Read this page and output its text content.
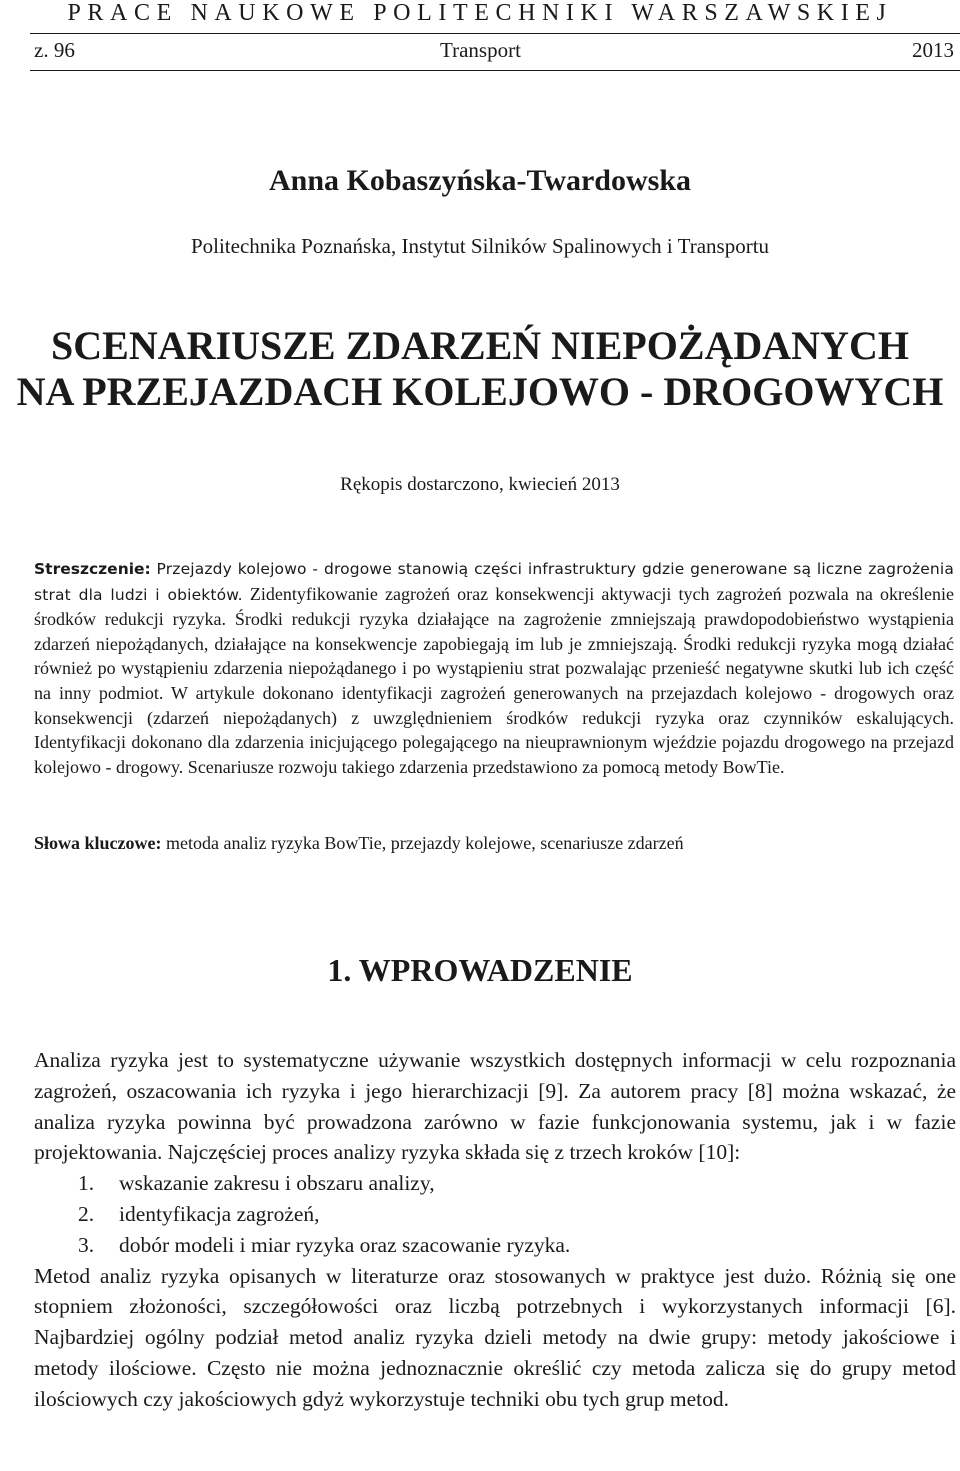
PRACE NAUKOWE POLITECHNIKI WARSZAWSKIEJ
z. 96	Transport	2013
Anna Kobaszyńska-Twardowska
Politechnika Poznańska, Instytut Silników Spalinowych i Transportu
SCENARIUSZE ZDARZEŃ NIEPOŻĄDANYCH
NA PRZEJAZDACH KOLEJOWO - DROGOWYCH
Rękopis dostarczono, kwiecień 2013

Streszczenie: Przejazdy kolejowo - drogowe stanowią części infrastruktury gdzie generowane są liczne zagrożenia strat dla ludzi i obiektów. Zidentyfikowanie zagrożeń oraz konsekwencji aktywacji tych zagrożeń pozwala na określenie środków redukcji ryzyka. Środki redukcji ryzyka działające na zagrożenie zmniejszają prawdopodobieństwo wystąpienia zdarzeń niepożądanych, działające na konsekwencje zapobiegają im lub je zmniejszają. Środki redukcji ryzyka mogą działać również po wystąpieniu zdarzenia niepożądanego i po wystąpieniu strat pozwalając przenieść negatywne skutki lub ich część na inny podmiot. W artykule dokonano identyfikacji zagrożeń generowanych na przejazdach kolejowo - drogowych oraz konsekwencji (zdarzeń niepożądanych) z uwzględnieniem środków redukcji ryzyka oraz czynników eskalujących. Identyfikacji dokonano dla zdarzenia inicjującego polegającego na nieuprawnionym wjeździe pojazdu drogowego na przejazd kolejowo - drogowy. Scenariusze rozwoju takiego zdarzenia przedstawiono za pomocą metody BowTie.

Słowa kluczowe: metoda analiz ryzyka BowTie, przejazdy kolejowe, scenariusze zdarzeń
1. WPROWADZENIE

Analiza ryzyka jest to systematyczne używanie wszystkich dostępnych informacji w celu rozpoznania zagrożeń, oszacowania ich ryzyka i jego hierarchizacji [9]. Za autorem pracy [8] można wskazać, że analiza ryzyka powinna być prowadzona zarówno w fazie funkcjonowania systemu, jak i w fazie projektowania. Najczęściej proces analizy ryzyka składa się z trzech kroków [10]:

1. wskazanie zakresu i obszaru analizy,
2. identyfikacja zagrożeń,
3. dobór modeli i miar ryzyka oraz szacowanie ryzyka.

Metod analiz ryzyka opisanych w literaturze oraz stosowanych w praktyce jest dużo. Różnią się one stopniem złożoności, szczegółowości oraz liczbą potrzebnych i wykorzystanych informacji [6]. Najbardziej ogólny podział metod analiz ryzyka dzieli metody na dwie grupy: metody jakościowe i metody ilościowe. Często nie można jednoznacznie określić czy metoda zalicza się do grupy metod ilościowych czy jakościowych gdyż wykorzystuje techniki obu tych grup metod.
